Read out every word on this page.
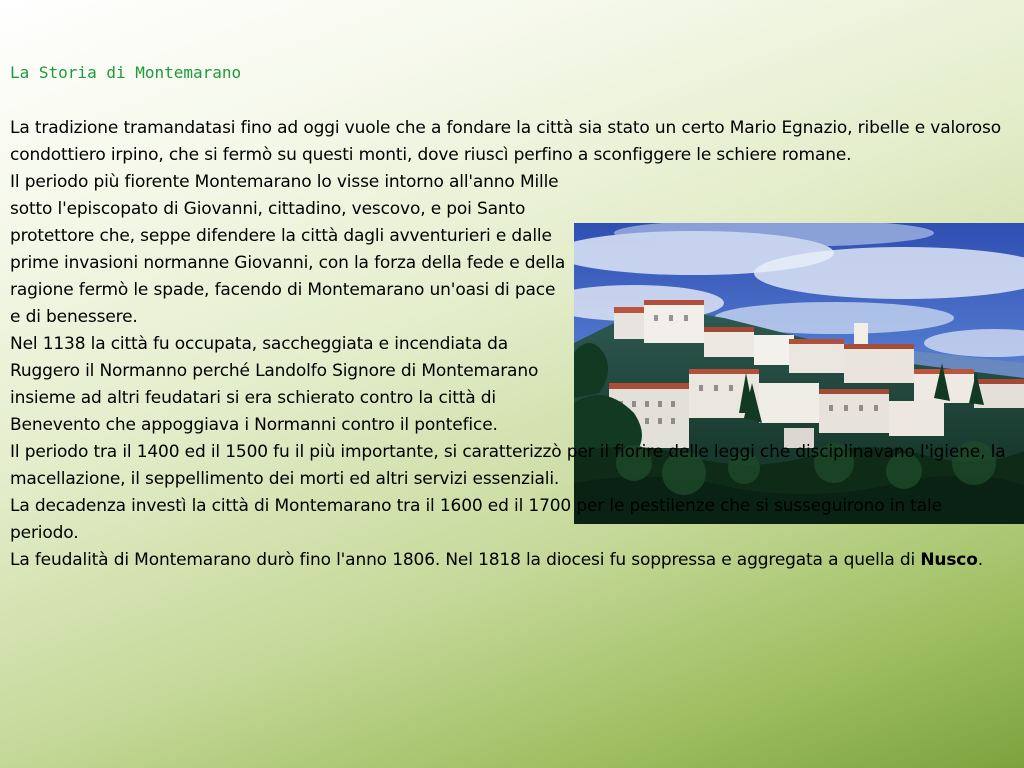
La Storia di Montemarano

La tradizione tramandatasi fino ad oggi vuole che a fondare la città sia stato un certo Mario Egnazio, ribelle e valoroso condottiero irpino, che si fermò su questi monti, dove riuscì perfino a sconfiggere le schiere romane.

Il periodo più fiorente Montemarano lo visse intorno all'anno Mille sotto l'episcopato di Giovanni, cittadino, vescovo, e poi Santo protettore che, seppe difendere la città dagli avventurieri e dalle prime invasioni normanne Giovanni, con la forza della fede e della ragione fermò le spade, facendo di Montemarano un'oasi di pace e di benessere.

Nel 1138 la città fu occupata, saccheggiata e incendiata da Ruggero il Normanno perché Landolfo Signore di Montemarano insieme ad altri feudatari si era schierato contro la città di Benevento che appoggiava i Normanni contro il pontefice.

Il periodo tra il 1400 ed il 1500 fu il più importante, si caratterizzò per il fiorire delle leggi che disciplinavano l'igiene, la macellazione, il seppellimento dei morti ed altri servizi essenziali.

La decadenza investì la città di Montemarano tra il 1600 ed il 1700 per le pestilenze che si susseguirono in tale periodo.

La feudalità di Montemarano durò fino l'anno 1806. Nel 1818 la diocesi fu soppressa e aggregata a quella di Nusco.
